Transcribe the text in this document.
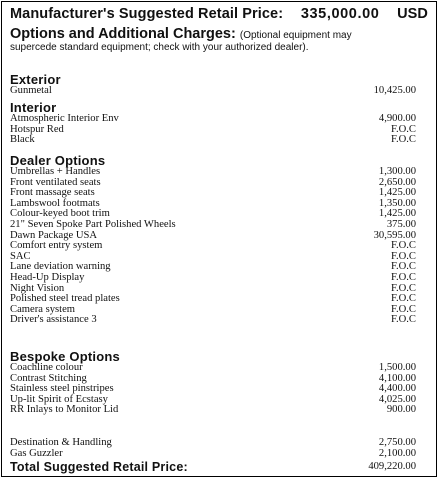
Manufacturer's Suggested Retail Price: 335,000.00 USD
Options and Additional Charges: (Optional equipment may
supercede standard equipment; check with your authorized dealer).
Exterior
Gunmetal	10,425.00
Interior
Atmospheric Interior Env	4,900.00
Hotspur Red	F.O.C
Black	F.O.C
Dealer Options
Umbrellas + Handles	1,300.00
Front ventilated seats	2,650.00
Front massage seats	1,425.00
Lambswool footmats	1,350.00
Colour-keyed boot trim	1,425.00
21" Seven Spoke Part Polished Wheels	375.00
Dawn Package USA	30,595.00
Comfort entry system	F.O.C
SAC	F.O.C
Lane deviation warning	F.O.C
Head-Up Display	F.O.C
Night Vision	F.O.C
Polished steel tread plates	F.O.C
Camera system	F.O.C
Driver's assistance 3	F.O.C
Bespoke Options
Coachline colour	1,500.00
Contrast Stitching	4,100.00
Stainless steel pinstripes	4,400.00
Up-lit Spirit of Ecstasy	4,025.00
RR Inlays to Monitor Lid	900.00
Destination & Handling	2,750.00
Gas Guzzler	2,100.00
Total Suggested Retail Price:	409,220.00
